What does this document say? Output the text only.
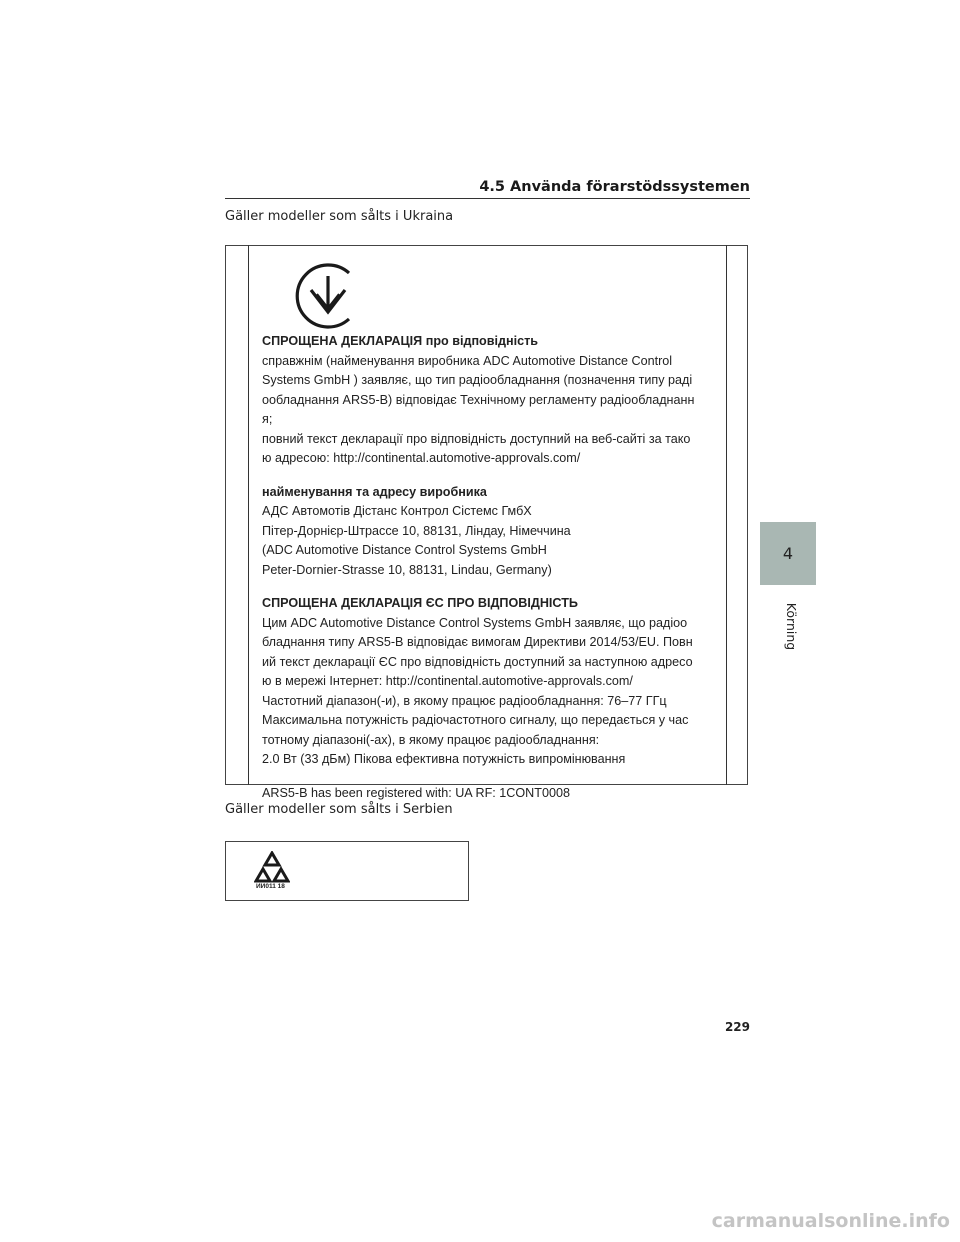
4.5 Använda förarstödssystemen
Gäller modeller som sålts i Ukraina

СПРОЩЕНА ДЕКЛАРАЦІЯ про відповідність

справжнім (найменування виробника ADC Automotive Distance Control

Systems GmbH ) заявляє, що тип радіообладнання (позначення типу раді

ообладнання ARS5-B) відповідає Технічному регламенту радіообладнанн

я;

повний текст декларації про відповідність доступний на веб-сайті за тако

ю адресою: http://continental.automotive-approvals.com/

найменування та адресу виробника

АДС Автомотів Дістанс Контрол Сістемс ГмбХ

Пітер-Дорнієр-Штрассе 10, 88131, Ліндау, Німеччина

(ADC Automotive Distance Control Systems GmbH

Peter-Dornier-Strasse 10, 88131, Lindau, Germany)

СПРОЩЕНА ДЕКЛАРАЦІЯ ЄС ПРО ВІДПОВІДНІСТЬ

Цим ADC Automotive Distance Control Systems GmbH заявляє, що радіоо

бладнання типу ARS5-B відповідає вимогам Директиви 2014/53/EU. Повн

ий текст декларації ЄС про відповідність доступний за наступною адресо

ю в мережі Інтернет: http://continental.automotive-approvals.com/

Частотний діапазон(-и), в якому працює радіообладнання: 76–77 ГГц

Максимальна потужність радіочастотного сигналу, що передається у час

тотному діапазоні(-ах), в якому працює радіообладнання:

2.0 Вт (33 дБм) Пікова ефективна потужність випромінювання

ARS5-B has been registered with: UA RF: 1CONT0008

Gäller modeller som sålts i Serbien
ИИ011 18
4
Körning
229
carmanualsonline.info
